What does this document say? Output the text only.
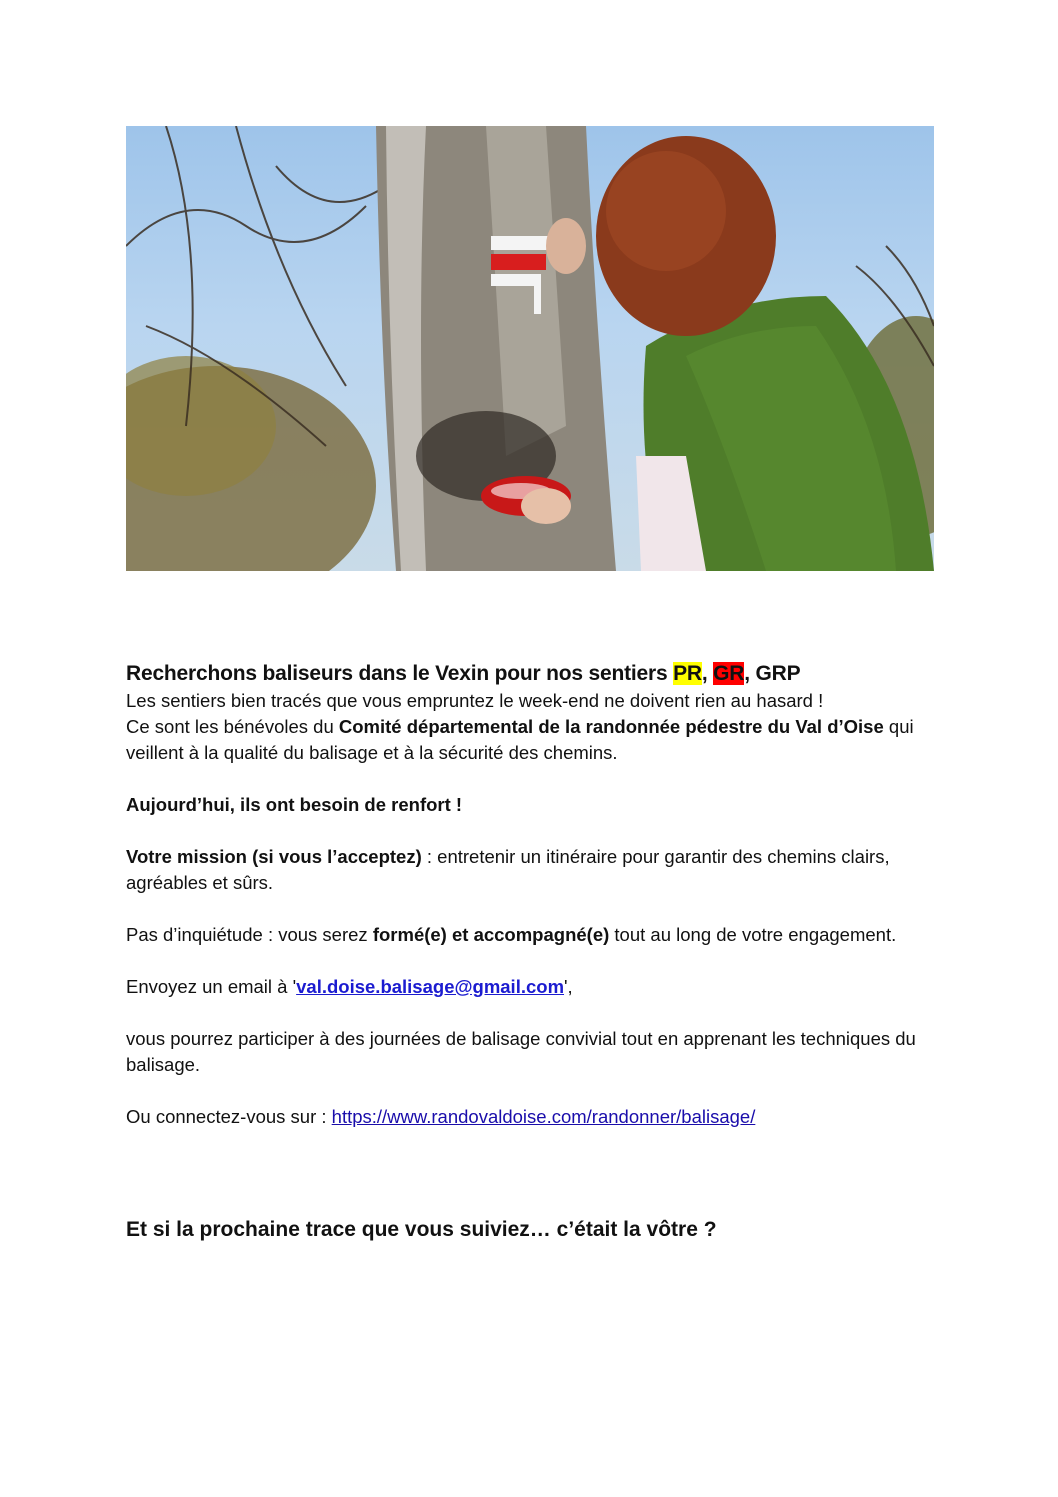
Recherchons baliseurs dans le Vexin pour nos sentiers PR, GR, GRP

Les sentiers bien tracés que vous empruntez le week-end ne doivent rien au hasard !

Ce sont les bénévoles du Comité départemental de la randonnée pédestre du Val d’Oise qui veillent à la qualité du balisage et à la sécurité des chemins.

Aujourd’hui, ils ont besoin de renfort !

Votre mission (si vous l’acceptez) : entretenir un itinéraire pour garantir des chemins clairs, agréables et sûrs.

Pas d’inquiétude : vous serez formé(e) et accompagné(e) tout au long de votre engagement.

Envoyez un email à 'val.doise.balisage@gmail.com',

vous pourrez participer à des journées de balisage convivial tout en apprenant les techniques du balisage.

Ou connectez-vous sur : https://www.randovaldoise.com/randonner/balisage/

Et si la prochaine trace que vous suiviez… c’était la vôtre ?
